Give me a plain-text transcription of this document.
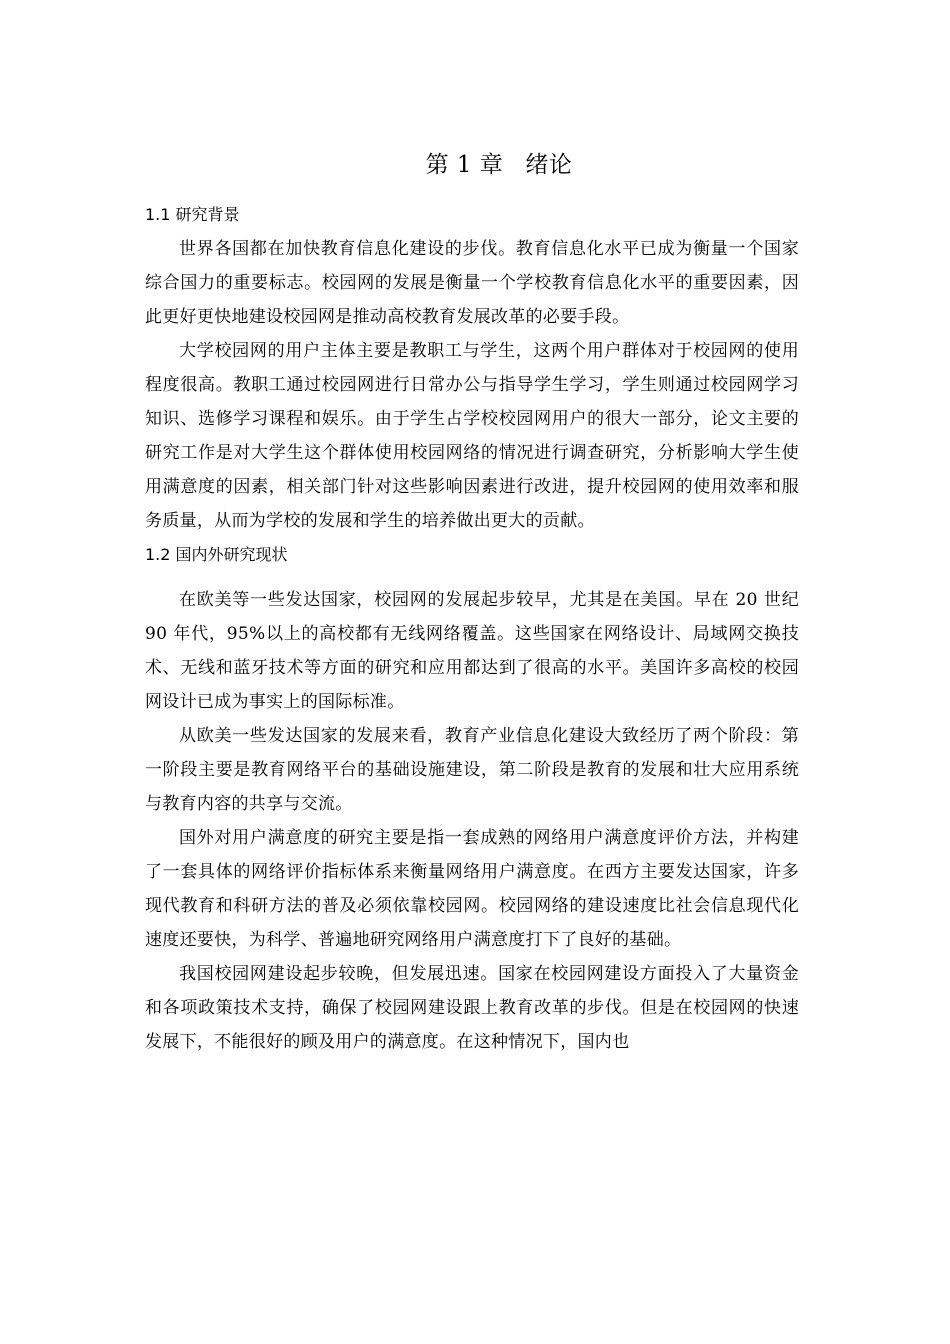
第 1 章 绪论
1.1 研究背景

世界各国都在加快教育信息化建设的步伐。教育信息化水平已成为衡量一个国家综合国力的重要标志。校园网的发展是衡量一个学校教育信息化水平的重要因素，因此更好更快地建设校园网是推动高校教育发展改革的必要手段。

大学校园网的用户主体主要是教职工与学生，这两个用户群体对于校园网的使用程度很高。教职工通过校园网进行日常办公与指导学生学习，学生则通过校园网学习知识、选修学习课程和娱乐。由于学生占学校校园网用户的很大一部分，论文主要的研究工作是对大学生这个群体使用校园网络的情况进行调查研究，分析影响大学生使用满意度的因素，相关部门针对这些影响因素进行改进，提升校园网的使用效率和服务质量，从而为学校的发展和学生的培养做出更大的贡献。

1.2 国内外研究现状

在欧美等一些发达国家，校园网的发展起步较早，尤其是在美国。早在 20 世纪 90 年代，95%以上的高校都有无线网络覆盖。这些国家在网络设计、局域网交换技术、无线和蓝牙技术等方面的研究和应用都达到了很高的水平。美国许多高校的校园网设计已成为事实上的国际标准。

从欧美一些发达国家的发展来看，教育产业信息化建设大致经历了两个阶段：第一阶段主要是教育网络平台的基础设施建设，第二阶段是教育的发展和壮大应用系统与教育内容的共享与交流。

国外对用户满意度的研究主要是指一套成熟的网络用户满意度评价方法，并构建了一套具体的网络评价指标体系来衡量网络用户满意度。在西方主要发达国家，许多现代教育和科研方法的普及必须依靠校园网。校园网络的建设速度比社会信息现代化速度还要快，为科学、普遍地研究网络用户满意度打下了良好的基础。

我国校园网建设起步较晚，但发展迅速。国家在校园网建设方面投入了大量资金和各项政策技术支持，确保了校园网建设跟上教育改革的步伐。但是在校园网的快速发展下，不能很好的顾及用户的满意度。在这种情况下，国内也
